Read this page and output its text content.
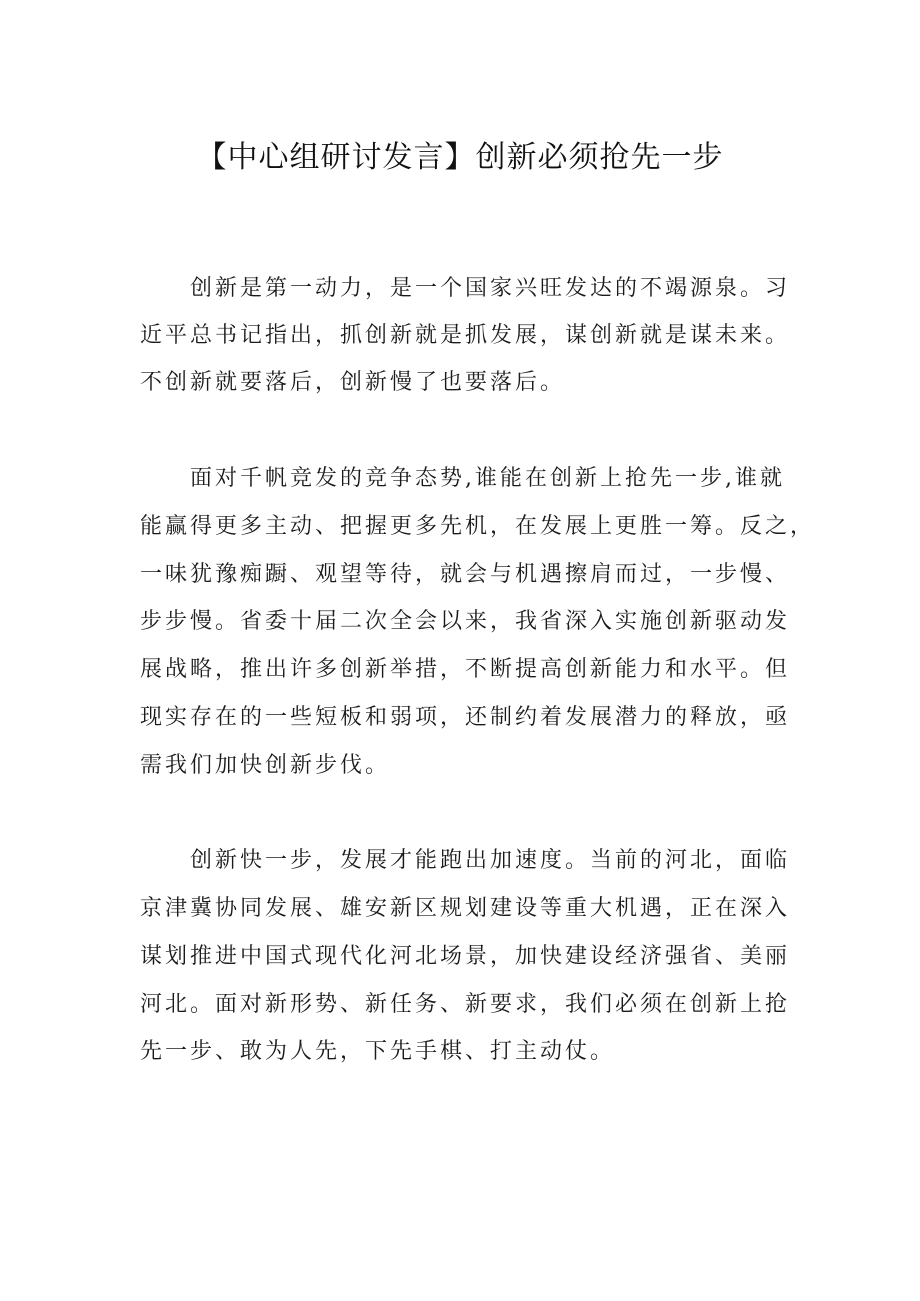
【中心组研讨发言】创新必须抢先一步
创新是第一动力，是一个国家兴旺发达的不竭源泉。习
近平总书记指出，抓创新就是抓发展，谋创新就是谋未来。
不创新就要落后，创新慢了也要落后。
面对千帆竞发的竞争态势,谁能在创新上抢先一步,谁就
能赢得更多主动、把握更多先机，在发展上更胜一筹。反之，
一味犹豫痴蹰、观望等待，就会与机遇擦肩而过，一步慢、
步步慢。省委十届二次全会以来，我省深入实施创新驱动发
展战略，推出许多创新举措，不断提高创新能力和水平。但
现实存在的一些短板和弱项，还制约着发展潜力的释放，亟
需我们加快创新步伐。
创新快一步，发展才能跑出加速度。当前的河北，面临
京津冀协同发展、雄安新区规划建设等重大机遇，正在深入
谋划推进中国式现代化河北场景，加快建设经济强省、美丽
河北。面对新形势、新任务、新要求，我们必须在创新上抢
先一步、敢为人先，下先手棋、打主动仗。
